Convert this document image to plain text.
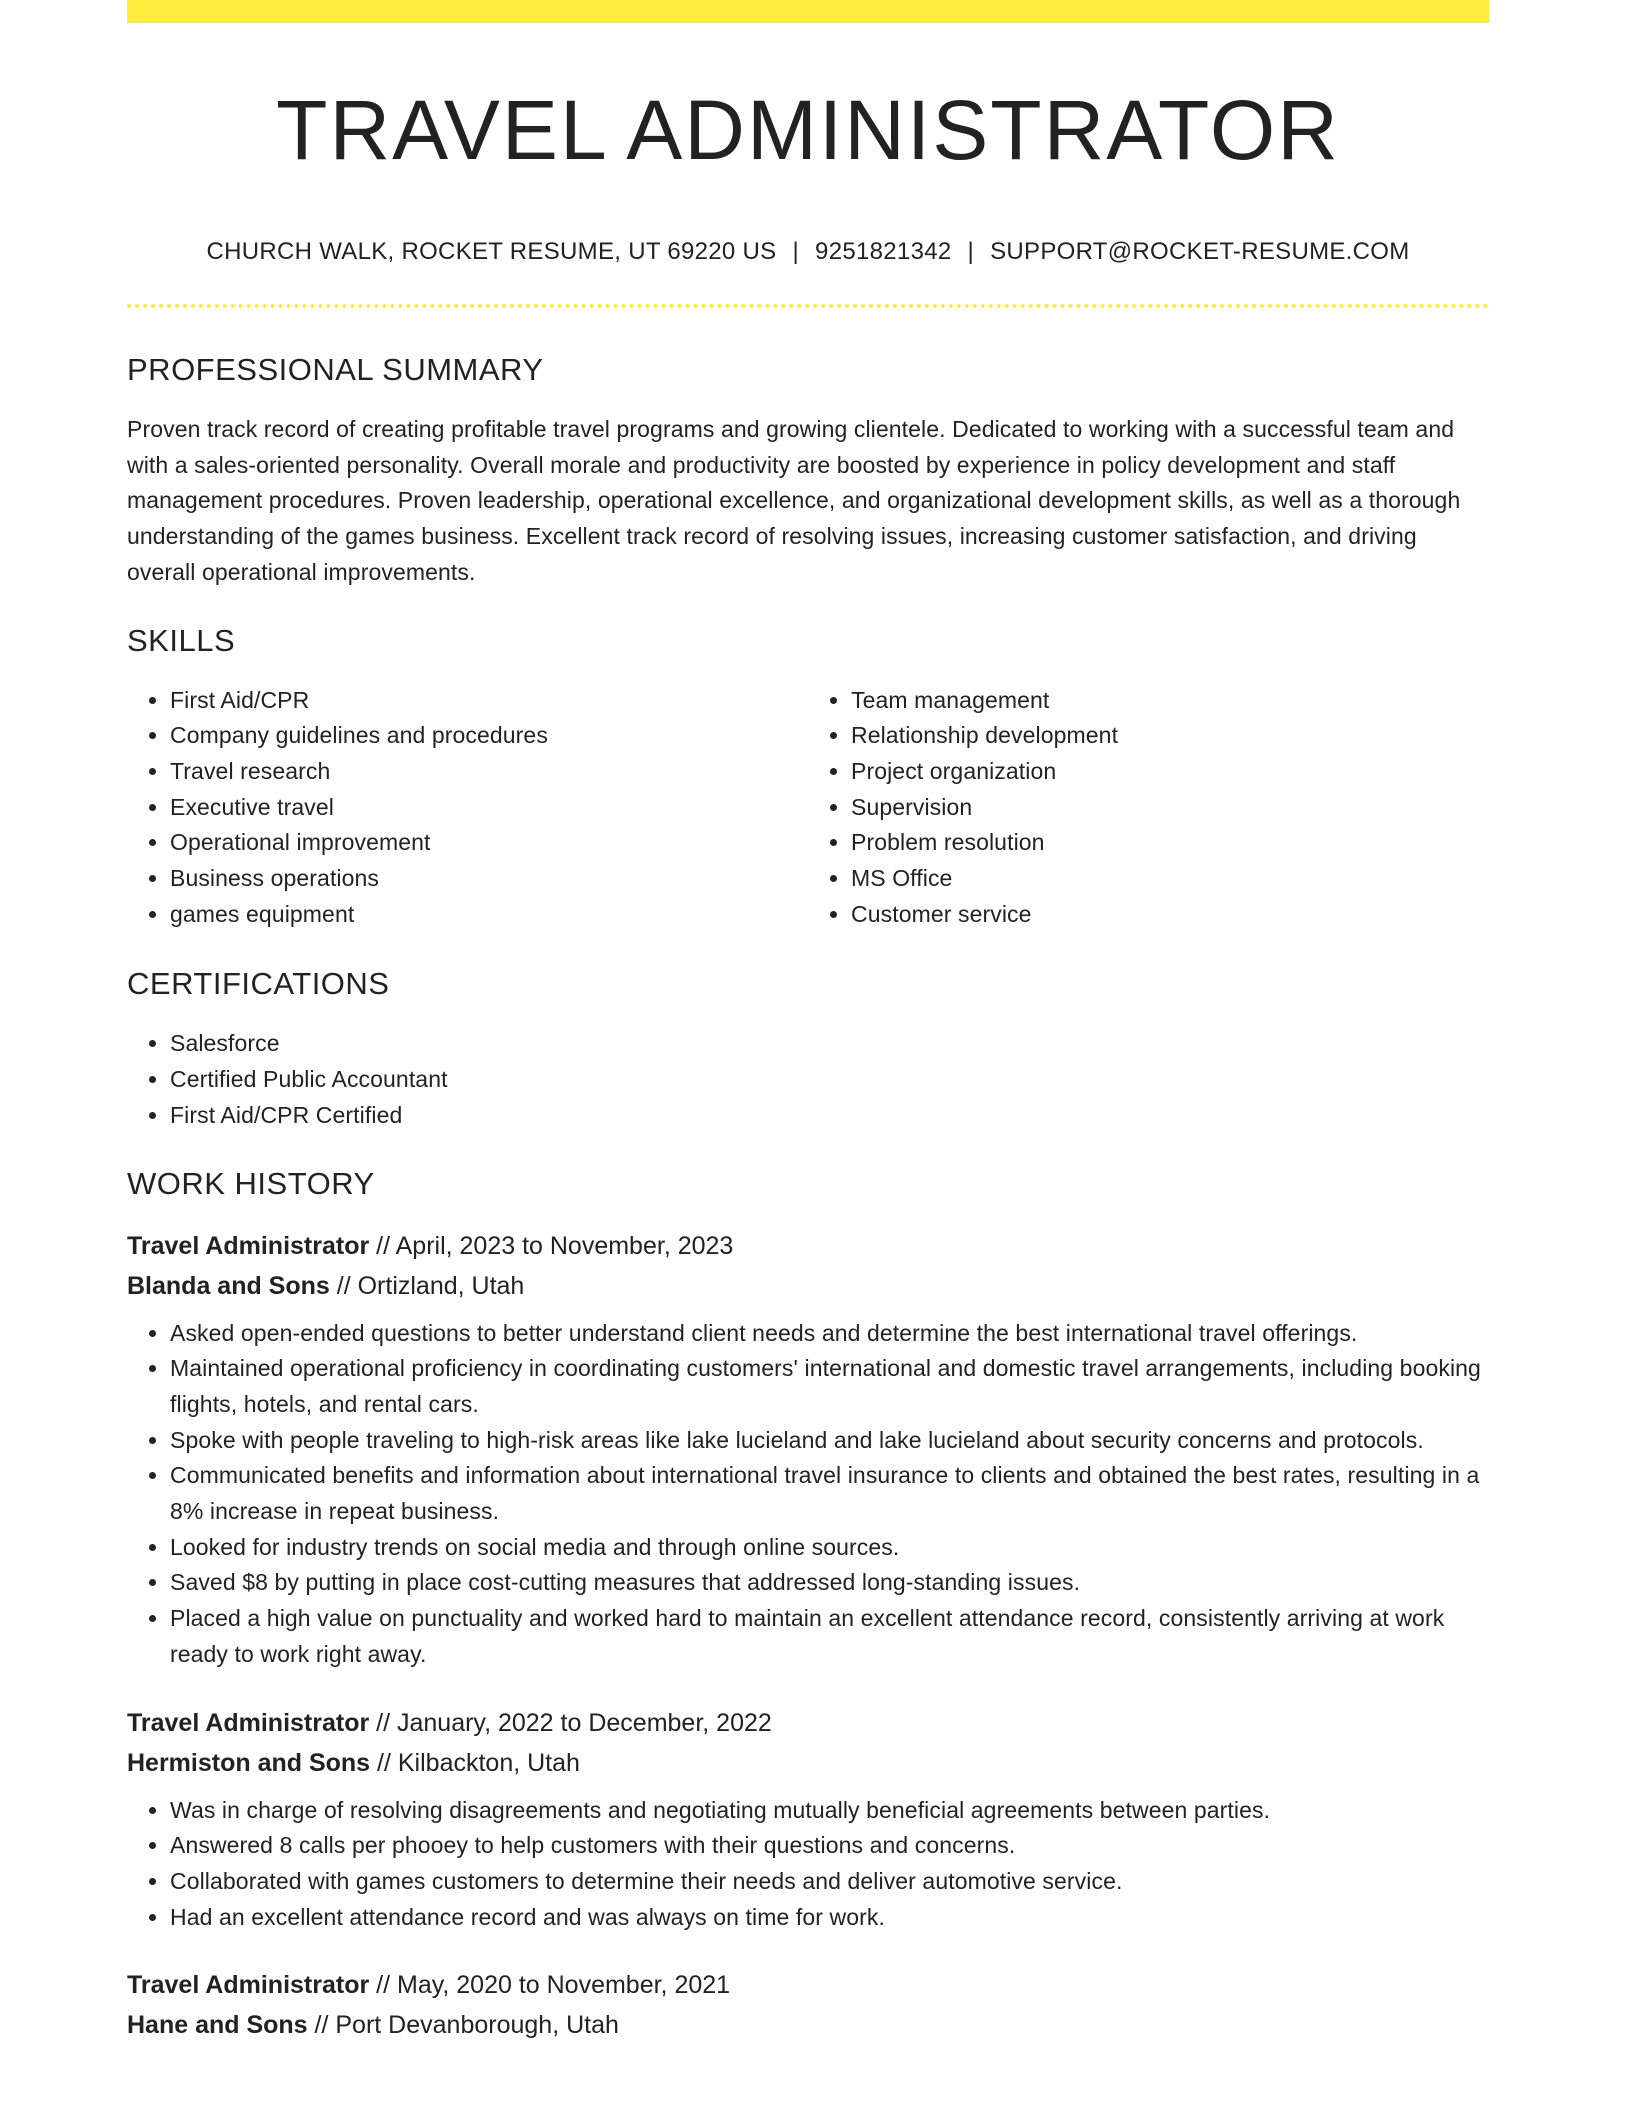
TRAVEL ADMINISTRATOR
CHURCH WALK, ROCKET RESUME, UT 69220 US | 9251821342 | SUPPORT@ROCKET-RESUME.COM
PROFESSIONAL SUMMARY

Proven track record of creating profitable travel programs and growing clientele. Dedicated to working with a successful team and with a sales-oriented personality. Overall morale and productivity are boosted by experience in policy development and staff management procedures. Proven leadership, operational excellence, and organizational development skills, as well as a thorough understanding of the games business. Excellent track record of resolving issues, increasing customer satisfaction, and driving overall operational improvements.

SKILLS
• First Aid/CPR
• Company guidelines and procedures
• Travel research
• Executive travel
• Operational improvement
• Business operations
• games equipment
• Team management
• Relationship development
• Project organization
• Supervision
• Problem resolution
• MS Office
• Customer service
CERTIFICATIONS
• Salesforce
• Certified Public Accountant
• First Aid/CPR Certified
WORK HISTORY
Travel Administrator // April, 2023 to November, 2023
Blanda and Sons // Ortizland, Utah
• Asked open-ended questions to better understand client needs and determine the best international travel offerings.
• Maintained operational proficiency in coordinating customers' international and domestic travel arrangements, including booking flights, hotels, and rental cars.
• Spoke with people traveling to high-risk areas like lake lucieland and lake lucieland about security concerns and protocols.
• Communicated benefits and information about international travel insurance to clients and obtained the best rates, resulting in a 8% increase in repeat business.
• Looked for industry trends on social media and through online sources.
• Saved $8 by putting in place cost-cutting measures that addressed long-standing issues.
• Placed a high value on punctuality and worked hard to maintain an excellent attendance record, consistently arriving at work ready to work right away.
Travel Administrator // January, 2022 to December, 2022
Hermiston and Sons // Kilbackton, Utah
• Was in charge of resolving disagreements and negotiating mutually beneficial agreements between parties.
• Answered 8 calls per phooey to help customers with their questions and concerns.
• Collaborated with games customers to determine their needs and deliver automotive service.
• Had an excellent attendance record and was always on time for work.
Travel Administrator // May, 2020 to November, 2021
Hane and Sons // Port Devanborough, Utah
